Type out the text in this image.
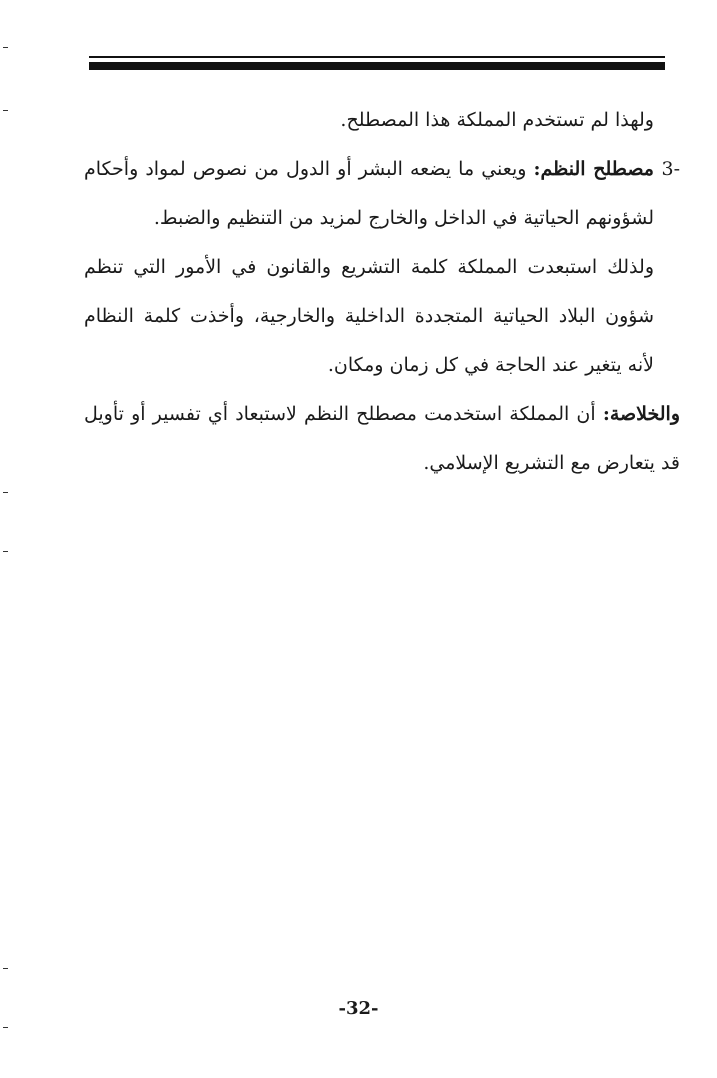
ولهذا لم تستخدم المملكة هذا المصطلح.

-3مصطلح النظم: ويعني ما يضعه البشر أو الدول من نصوص لمواد وأحكام لشؤونهم الحياتية في الداخل والخارج لمزيد من التنظيم والضبط.

ولذلك استبعدت المملكة كلمة التشريع والقانون في الأمور التي تنظم شؤون البلاد الحياتية المتجددة الداخلية والخارجية، وأخذت كلمة النظام لأنه يتغير عند الحاجة في كل زمان ومكان.

والخلاصة: أن المملكة استخدمت مصطلح النظم لاستبعاد أي تفسير أو تأويل قد يتعارض مع التشريع الإسلامي.

-32-
